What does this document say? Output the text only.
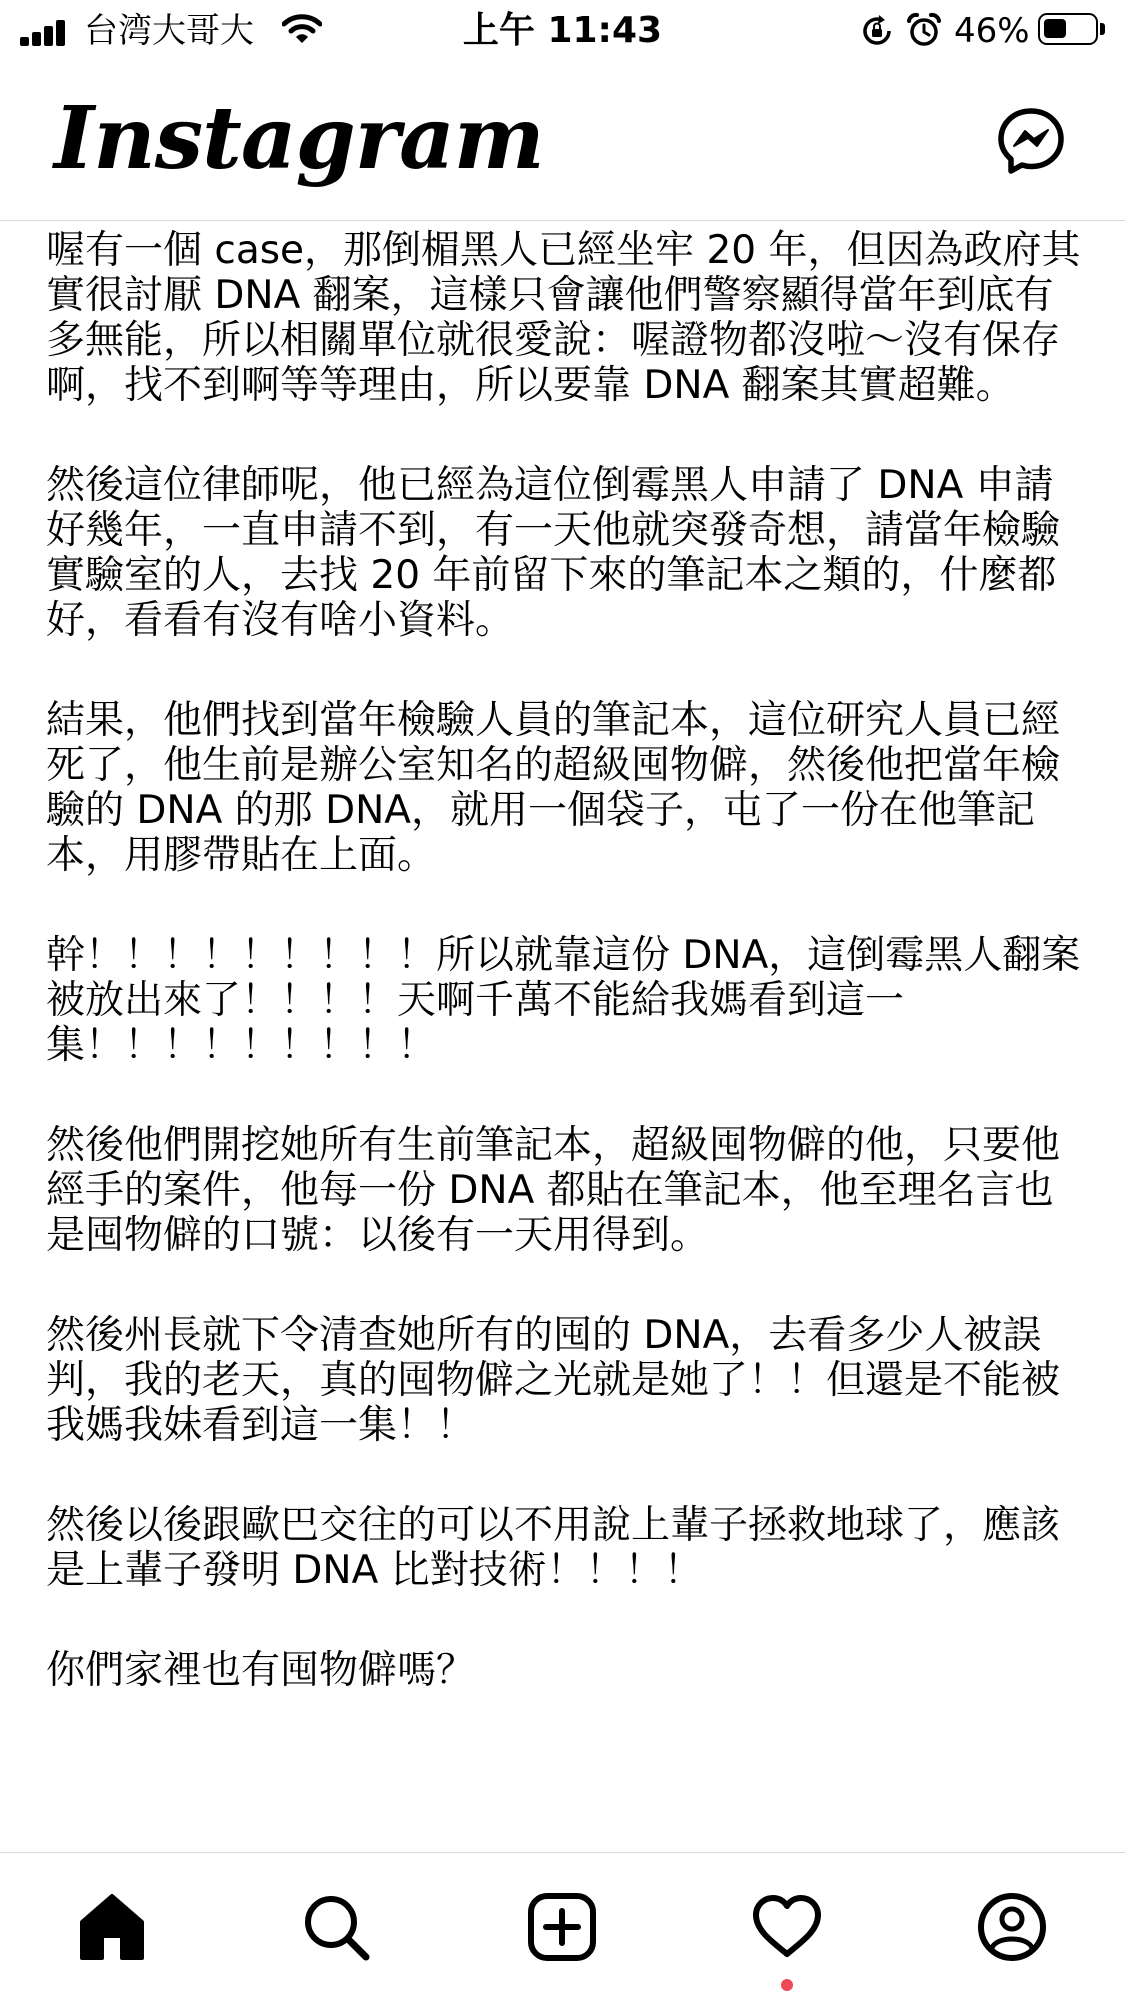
台湾大哥大	上午 11:43	46%
Instagram

喔有一個 case，那倒楣黑人已經坐牢 20 年，但因為政府其實很討厭 DNA 翻案，這樣只會讓他們警察顯得當年到底有多無能，所以相關單位就很愛說：喔證物都沒啦～沒有保存啊，找不到啊等等理由，所以要靠 DNA 翻案其實超難。

然後這位律師呢，他已經為這位倒霉黑人申請了 DNA 申請好幾年，一直申請不到，有一天他就突發奇想，請當年檢驗實驗室的人，去找 20 年前留下來的筆記本之類的，什麼都好，看看有沒有啥小資料。

結果，他們找到當年檢驗人員的筆記本，這位研究人員已經死了，他生前是辦公室知名的超級囤物僻，然後他把當年檢驗的 DNA 的那 DNA，就用一個袋子，屯了一份在他筆記本，用膠帶貼在上面。

幹！！！！！！！！！所以就靠這份 DNA，這倒霉黑人翻案被放出來了！！！！天啊千萬不能給我媽看到這一集！！！！！！！！！

然後他們開挖她所有生前筆記本，超級囤物僻的他，只要他經手的案件，他每一份 DNA 都貼在筆記本，他至理名言也是囤物僻的口號：以後有一天用得到。

然後州長就下令清查她所有的囤的 DNA，去看多少人被誤判，我的老天，真的囤物僻之光就是她了！！但還是不能被我媽我妹看到這一集！！

然後以後跟歐巴交往的可以不用說上輩子拯救地球了，應該是上輩子發明 DNA 比對技術！！！！

你們家裡也有囤物僻嗎？
